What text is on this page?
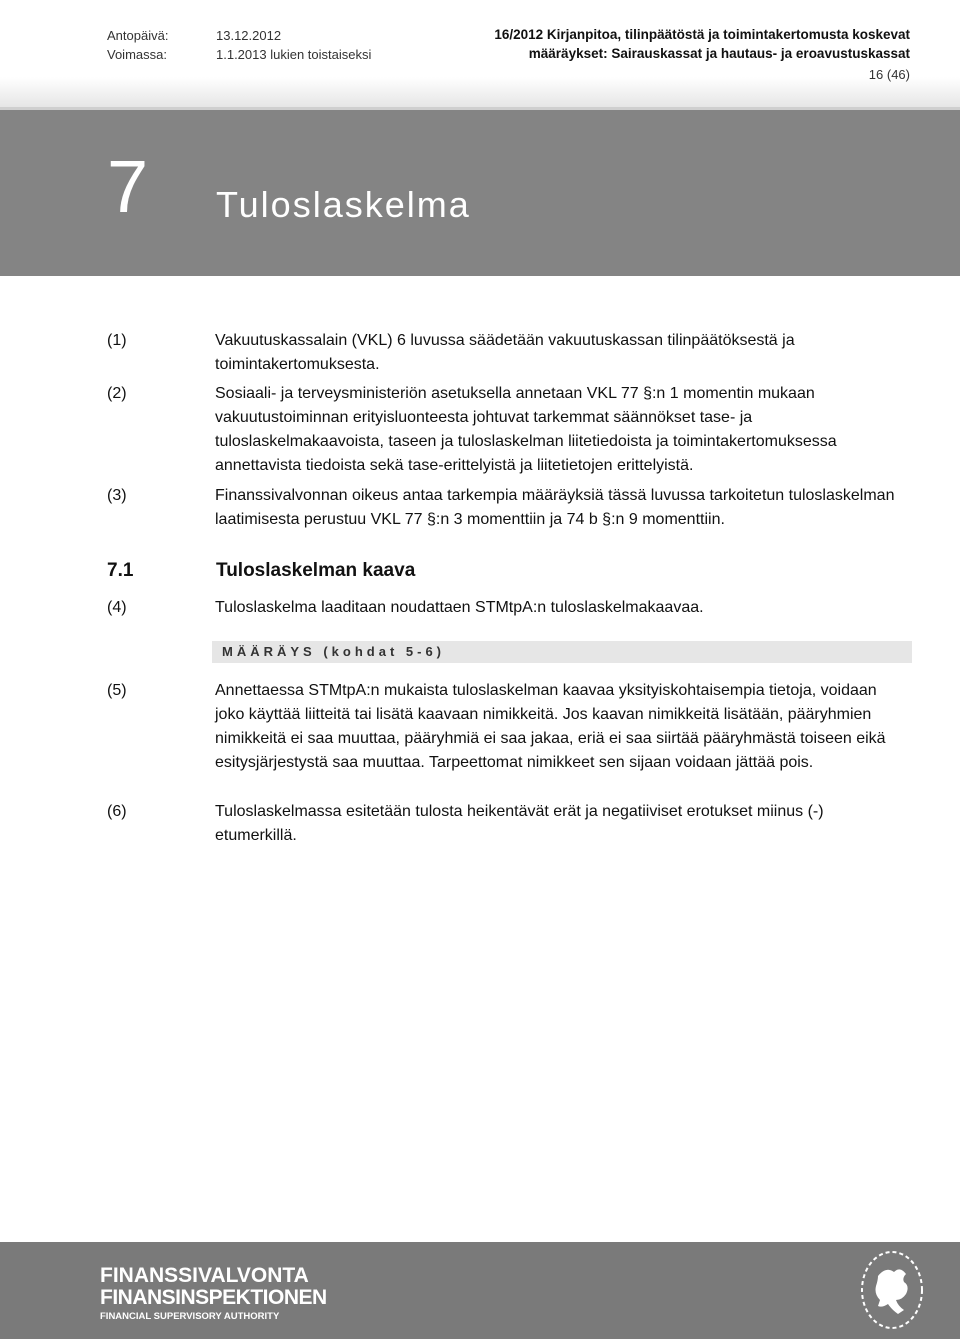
Antopäivä:	13.12.2012
Voimassa:	1.1.2013 lukien toistaiseksi
16/2012 Kirjanpitoa, tilinpäätöstä ja toimintakertomusta koskevat
määräykset: Sairauskassat ja hautaus- ja eroavustuskassat
16 (46)
7 Tuloslaskelma
(1)	Vakuutuskassalain (VKL) 6 luvussa säädetään vakuutuskassan tilinpäätöksestä ja toimintakertomuksesta.
(2)	Sosiaali- ja terveysministeriön asetuksella annetaan VKL 77 §:n 1 momentin mukaan vakuutustoiminnan erityisluonteesta johtuvat tarkemmat säännökset tase- ja tuloslaskelmakaavoista, taseen ja tuloslaskelman liitetiedoista ja toimintakertomuksessa annettavista tiedoista sekä tase-erittelyistä ja liitetietojen erittelyistä.
(3)	Finanssivalvonnan oikeus antaa tarkempia määräyksiä tässä luvussa tarkoitetun tuloslaskelman laatimisesta perustuu VKL 77 §:n 3 momenttiin ja 74 b §:n 9 momenttiin.
7.1	Tuloslaskelman kaava
(4)	Tuloslaskelma laaditaan noudattaen STMtpA:n tuloslaskelmakaavaa.
MÄÄRÄYS (kohdat 5-6)
(5)	Annettaessa STMtpA:n mukaista tuloslaskelman kaavaa yksityiskohtaisempia tietoja, voidaan joko käyttää liitteitä tai lisätä kaavaan nimikkeitä. Jos kaavan nimikkeitä lisätään, pääryhmien nimikkeitä ei saa muuttaa, pääryhmiä ei saa jakaa, eriä ei saa siirtää pääryhmästä toiseen eikä esitysjärjestystä saa muuttaa. Tarpeettomat nimikkeet sen sijaan voidaan jättää pois.
(6)	Tuloslaskelmassa esitetään tulosta heikentävät erät ja negatiiviset erotukset miinus (-) etumerkillä.
FINANSSIVALVONTA
FINANSINSPEKTIONEN
FINANCIAL SUPERVISORY AUTHORITY
